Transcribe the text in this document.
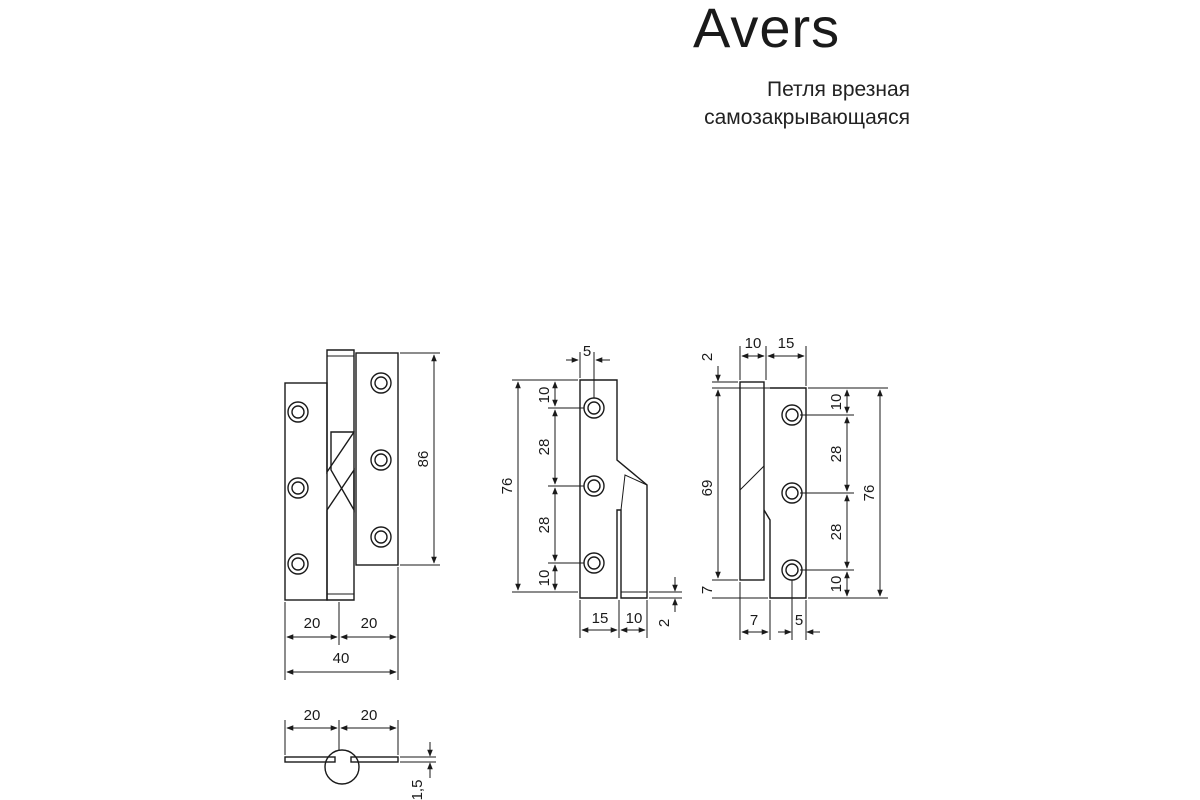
Avers
Петля врезная
самозакрывающаяся
86
20	20
40
20	20
1,5
5
10
28
28
10
76
15 10 2
10 15
2
69
7
10
28
28
10
76
7 5
